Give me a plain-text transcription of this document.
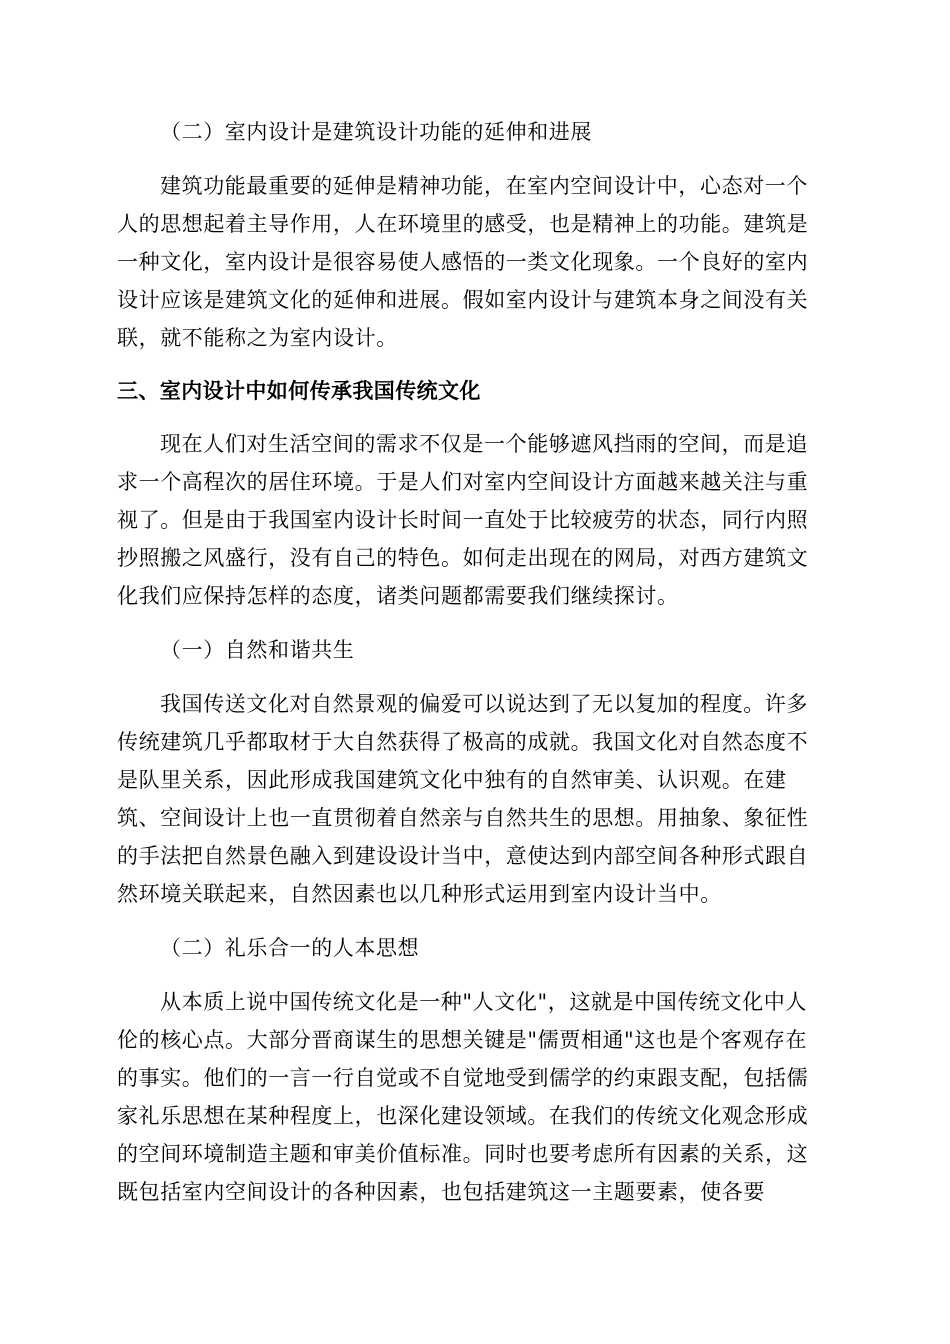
（二）室内设计是建筑设计功能的延伸和进展

建筑功能最重要的延伸是精神功能，在室内空间设计中，心态对一个

人的思想起着主导作用，人在环境里的感受，也是精神上的功能。建筑是

一种文化，室内设计是很容易使人感悟的一类文化现象。一个良好的室内

设计应该是建筑文化的延伸和进展。假如室内设计与建筑本身之间没有关

联，就不能称之为室内设计。

三、室内设计中如何传承我国传统文化

现在人们对生活空间的需求不仅是一个能够遮风挡雨的空间，而是追

求一个高程次的居住环境。于是人们对室内空间设计方面越来越关注与重

视了。但是由于我国室内设计长时间一直处于比较疲劳的状态，同行内照

抄照搬之风盛行，没有自己的特色。如何走出现在的网局，对西方建筑文

化我们应保持怎样的态度，诸类问题都需要我们继续探讨。

（一）自然和谐共生

我国传送文化对自然景观的偏爱可以说达到了无以复加的程度。许多

传统建筑几乎都取材于大自然获得了极高的成就。我国文化对自然态度不

是队里关系，因此形成我国建筑文化中独有的自然审美、认识观。在建

筑、空间设计上也一直贯彻着自然亲与自然共生的思想。用抽象、象征性

的手法把自然景色融入到建设设计当中，意使达到内部空间各种形式跟自

然环境关联起来，自然因素也以几种形式运用到室内设计当中。

（二）礼乐合一的人本思想

从本质上说中国传统文化是一种"人文化"，这就是中国传统文化中人

伦的核心点。大部分晋商谋生的思想关键是"儒贾相通"这也是个客观存在

的事实。他们的一言一行自觉或不自觉地受到儒学的约束跟支配，包括儒

家礼乐思想在某种程度上，也深化建设领域。在我们的传统文化观念形成

的空间环境制造主题和审美价值标准。同时也要考虑所有因素的关系，这

既包括室内空间设计的各种因素，也包括建筑这一主题要素，使各要
